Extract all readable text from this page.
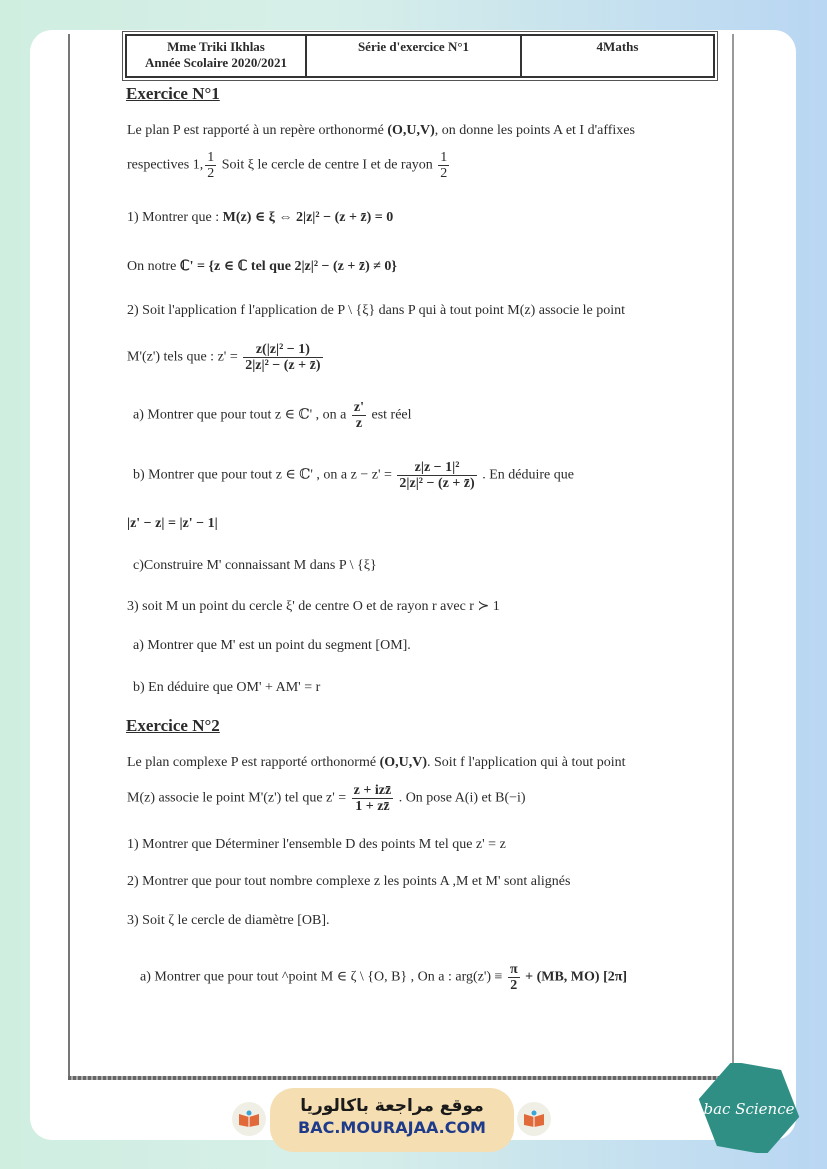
Mme Triki Ikhlas
Année Scolaire 2020/2021
Série d'exercice N°1	4Maths
Exercice N°1
Le plan P est rapporté à un repère orthonormé (O,U,V), on donne les points A et I d'affixes
respectives 1, $\frac{1}{2}$ Soit ξ le cercle de centre I et de rayon $\frac{1}{2}$
1) Montrer que : M(z) ∈ ξ ⇔ 2|z|² − (z + z̄) = 0
On notre ℂ' = {z ∈ ℂ tel que 2|z|² − (z + z̄) ≠ 0}
2) Soit l'application f l'application de P \ {ξ} dans P qui à tout point M(z) associe le point
M'(z') tels que : $z' = \frac{\text{z(|z|² − 1)}}{\text{2|z|² − (z + z̄)}}$
a) Montrer que pour tout z ∈ ℂ' , on a $\frac{z'}{z}$ est réel
b) Montrer que pour tout z ∈ ℂ' , on a $z - z' = \frac{\text{z|z − 1|²}}{\text{2|z|² − (z + z̄)}}$ . En déduire que
|z' − z| = |z' − 1|
c)Construire M' connaissant M dans P \ {ξ}
3) soit M un point du cercle ξ' de centre O et de rayon r avec r ≻ 1
a) Montrer que M' est un point du segment [OM].
b) En déduire que OM' + AM' = r
Exercice N°2
Le plan complexe P est rapporté orthonormé (O,U,V). Soit f l'application qui à tout point
M(z) associe le point M'(z') tel que $z' = \frac{\text{z + izz̄}}{1 + zz̄}$ . On pose A(i) et B(−i)
1) Montrer que Déterminer l'ensemble D des points M tel que z' = z
2) Montrer que pour tout nombre complexe z les points A ,M et M' sont alignés
3) Soit ζ le cercle de diamètre [OB].
a) Montrer que pour tout ^point M ∈ ζ \ {O, B} , On a : $arg(z') \equiv \frac{\pi}{2} + (MB$, MO) [2π]
موقع مراجعة باكالوريا
BAC.MOURAJAA.COM
bac Science
